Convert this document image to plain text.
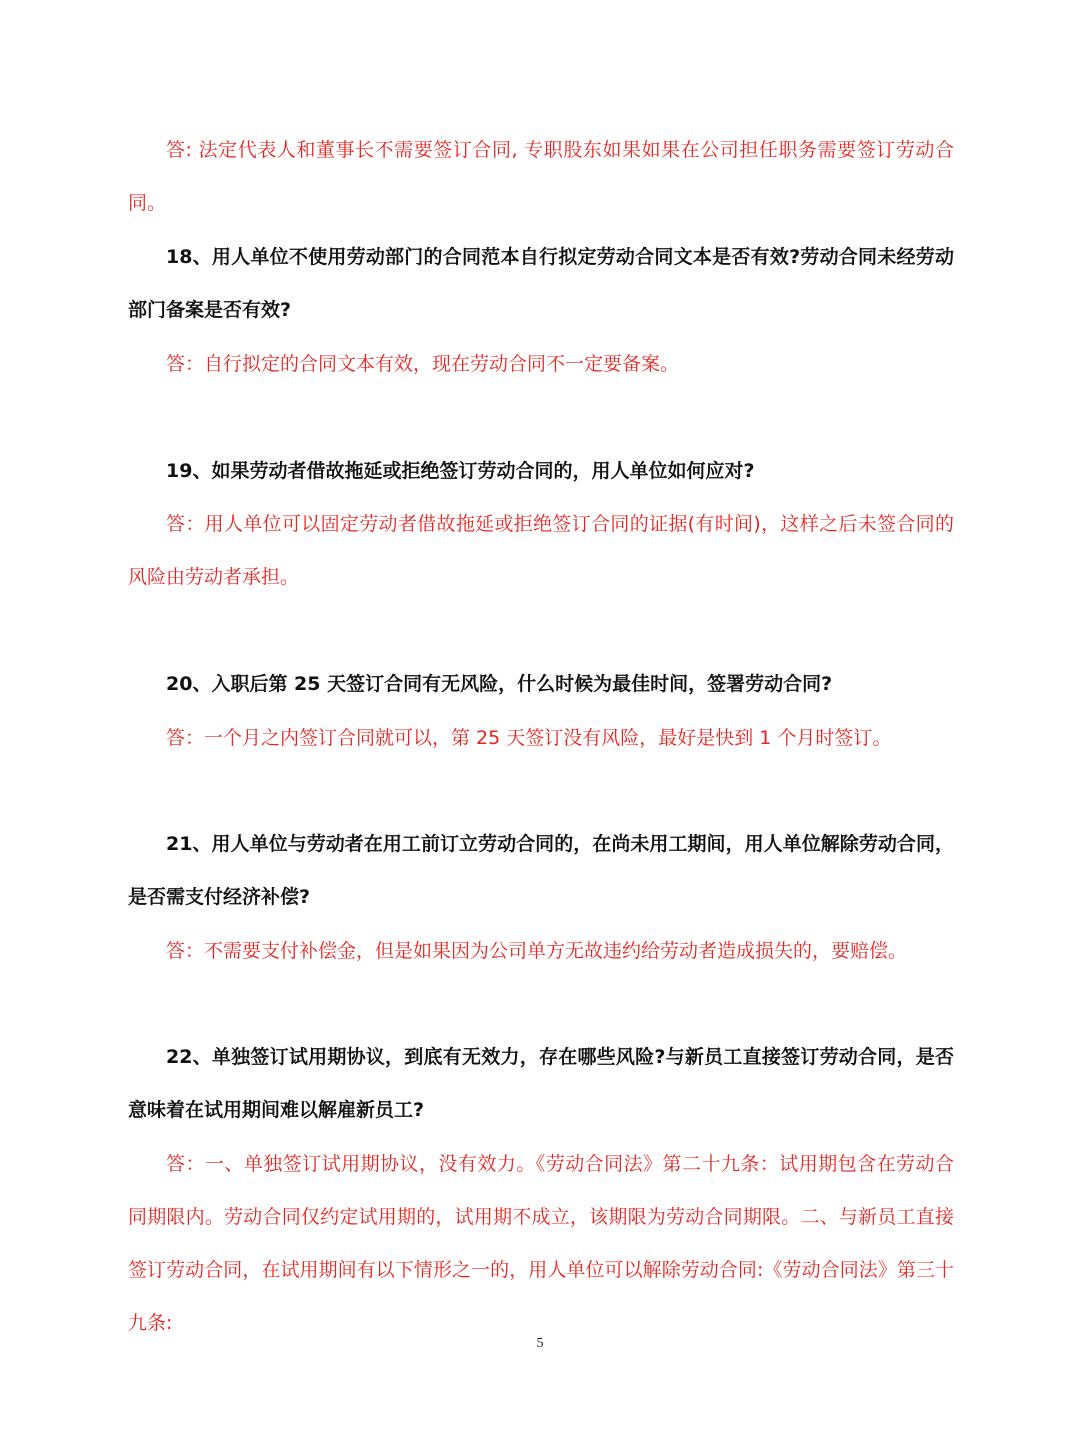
答: 法定代表人和董事长不需要签订合同, 专职股东如果如果在公司担任职务需要签订劳动合同。

18、用人单位不使用劳动部门的合同范本自行拟定劳动合同文本是否有效?劳动合同未经劳动部门备案是否有效?

答：自行拟定的合同文本有效，现在劳动合同不一定要备案。

19、如果劳动者借故拖延或拒绝签订劳动合同的，用人单位如何应对?

答：用人单位可以固定劳动者借故拖延或拒绝签订合同的证据(有时间)，这样之后未签合同的风险由劳动者承担。

20、入职后第 25 天签订合同有无风险，什么时候为最佳时间，签署劳动合同?

答：一个月之内签订合同就可以，第 25 天签订没有风险，最好是快到 1 个月时签订。

21、用人单位与劳动者在用工前订立劳动合同的，在尚未用工期间，用人单位解除劳动合同，是否需支付经济补偿?

答：不需要支付补偿金，但是如果因为公司单方无故违约给劳动者造成损失的，要赔偿。

22、单独签订试用期协议，到底有无效力，存在哪些风险?与新员工直接签订劳动合同，是否意味着在试用期间难以解雇新员工?

答：一、单独签订试用期协议，没有效力。《劳动合同法》第二十九条：试用期包含在劳动合同期限内。劳动合同仅约定试用期的，试用期不成立，该期限为劳动合同期限。二、与新员工直接签订劳动合同，在试用期间有以下情形之一的，用人单位可以解除劳动合同:《劳动合同法》第三十九条:

5
